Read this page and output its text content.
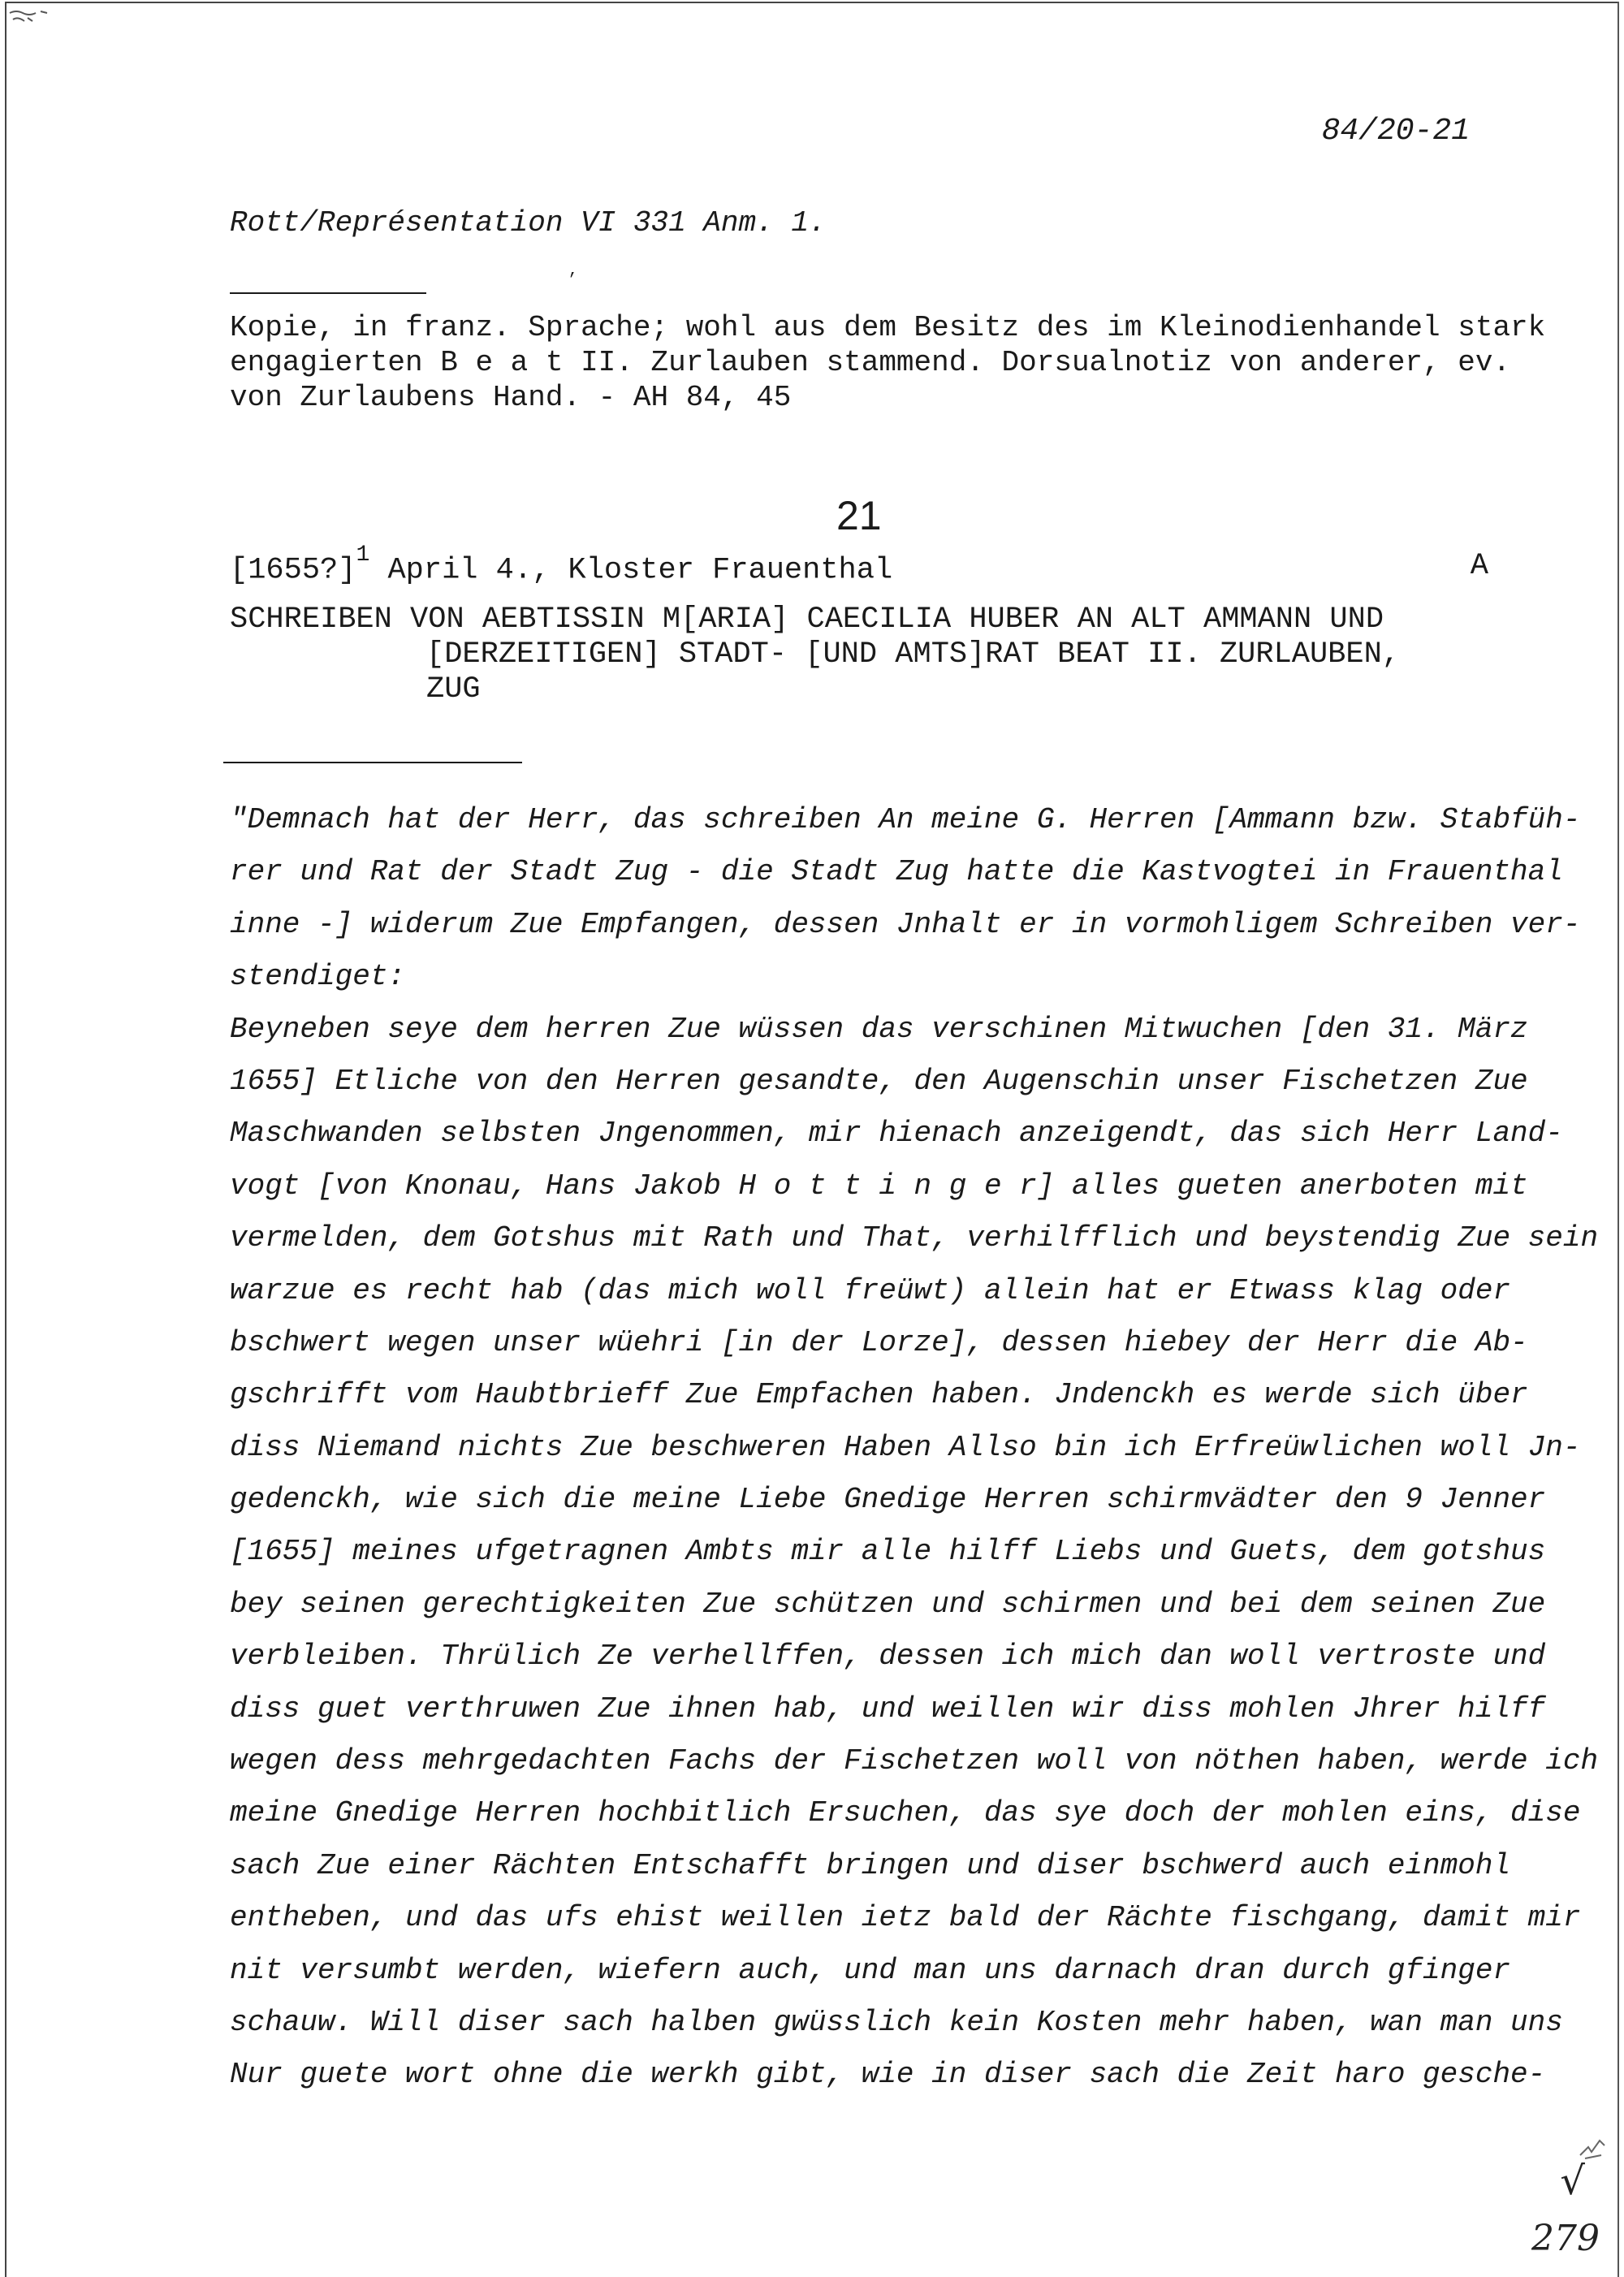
84/20-21
Rott/Représentation VI 331 Anm. 1.
,
Kopie, in franz. Sprache; wohl aus dem Besitz des im Kleinodienhandel stark
engagierten B e a t II. Zurlauben stammend. Dorsualnotiz von anderer, ev.
von Zurlaubens Hand. - AH 84, 45
21
[1655?]$^1$ April 4., Kloster Frauenthal	A
SCHREIBEN VON AEBTISSIN M[ARIA] CAECILIA HUBER AN ALT AMMANN UND
[DERZEITIGEN] STADT- [UND AMTS]RAT BEAT II. ZURLAUBEN,
ZUG
"Demnach hat der Herr, das schreiben An meine G. Herren [Ammann bzw. Stabfüh-
rer und Rat der Stadt Zug - die Stadt Zug hatte die Kastvogtei in Frauenthal
inne -] widerum Zue Empfangen, dessen Jnhalt er in vormohligem Schreiben ver-
stendiget:
Beyneben seye dem herren Zue wüssen das verschinen Mitwuchen [den 31. März
1655] Etliche von den Herren gesandte, den Augenschin unser Fischetzen Zue
Maschwanden selbsten Jngenommen, mir hienach anzeigendt, das sich Herr Land-
vogt [von Knonau, Hans Jakob H o t t i n g e r] alles gueten anerboten mit
vermelden, dem Gotshus mit Rath und That, verhilfflich und beystendig Zue sein
warzue es recht hab (das mich woll freüwt) allein hat er Etwass klag oder
bschwert wegen unser wüehri [in der Lorze], dessen hiebey der Herr die Ab-
gschrifft vom Haubtbrieff Zue Empfachen haben. Jndenckh es werde sich über
diss Niemand nichts Zue beschweren Haben Allso bin ich Erfreüwlichen woll Jn-
gedenckh, wie sich die meine Liebe Gnedige Herren schirmvädter den 9 Jenner
[1655] meines ufgetragnen Ambts mir alle hilff Liebs und Guets, dem gotshus
bey seinen gerechtigkeiten Zue schützen und schirmen und bei dem seinen Zue
verbleiben. Thrülich Ze verhellffen, dessen ich mich dan woll vertroste und
diss guet verthruwen Zue ihnen hab, und weillen wir diss mohlen Jhrer hilff
wegen dess mehrgedachten Fachs der Fischetzen woll von nöthen haben, werde ich
meine Gnedige Herren hochbitlich Ersuchen, das sye doch der mohlen eins, dise
sach Zue einer Rächten Entschafft bringen und diser bschwerd auch einmohl
entheben, und das ufs ehist weillen ietz bald der Rächte fischgang, damit mir
nit versumbt werden, wiefern auch, und man uns darnach dran durch gfinger
schauw. Will diser sach halben gwüsslich kein Kosten mehr haben, wan man uns
Nur guete wort ohne die werkh gibt, wie in diser sach die Zeit haro gesche-
√
279
